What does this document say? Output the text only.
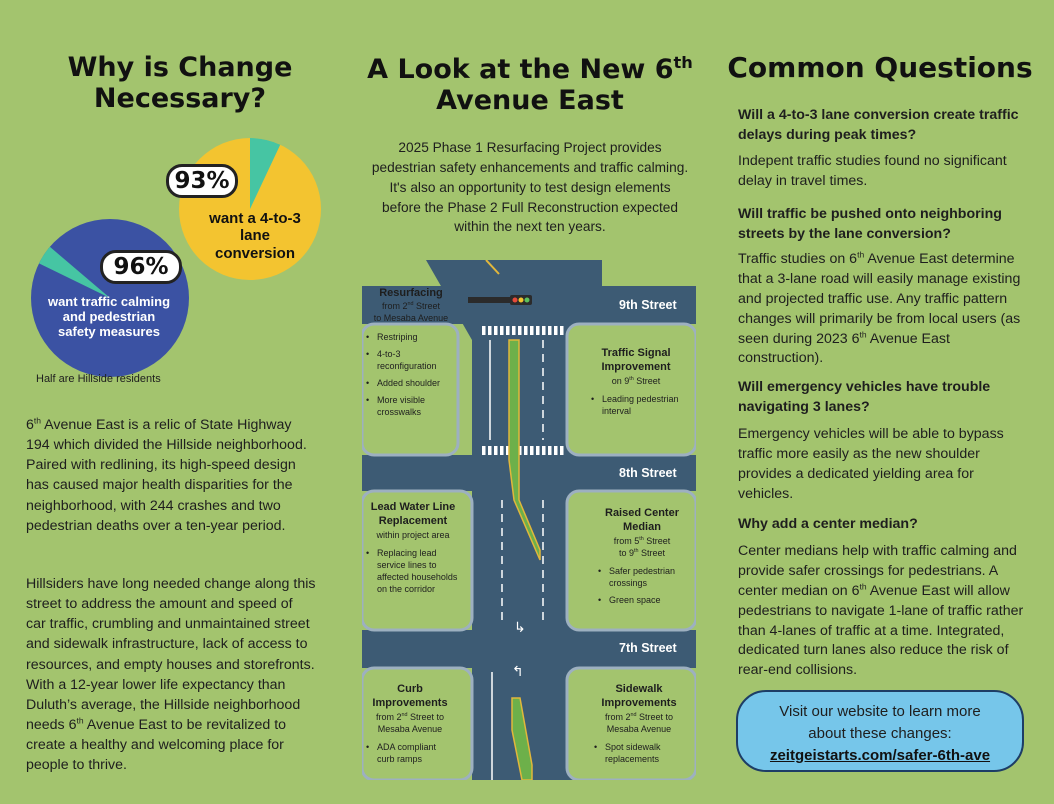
Why is Change
Necessary?
93%
want a 4-to-3
lane
conversion
96%
want traffic calming
and pedestrian
safety measures
Half are Hillside residents
6th Avenue East is a relic of State Highway 194 which divided the Hillside neighborhood. Paired with redlining, its high-speed design has caused major health disparities for the neighborhood, with 244 crashes and two pedestrian deaths over a ten-year period.
Hillsiders have long needed change along this street to address the amount and speed of car traffic, crumbling and unmaintained street and sidewalk infrastructure, lack of access to resources, and empty houses and storefronts. With a 12-year lower life expectancy than Duluth’s average, the Hillside neighborhood needs 6th Avenue East to be revitalized to create a healthy and welcoming place for people to thrive.
A Look at the New 6th
Avenue East
2025 Phase 1 Resurfacing Project provides pedestrian safety enhancements and traffic calming. It's also an opportunity to test design elements before the Phase 2 Full Reconstruction expected within the next ten years.
↳
↰
9th Street
8th Street
7th Street
Resurfacing
from 2nd Street
to Mesaba Avenue
• Restriping
• 4-to-3 reconfiguration
• Added shoulder
• More visible crosswalks
Traffic Signal
Improvement
on 9th Street
• Leading pedestrian interval
Lead Water Line
Replacement
within project area
• Replacing lead service lines to affected households on the corridor
Raised Center
Median
from 5th Street
to 9th Street
• Safer pedestrian crossings
• Green space
Curb
Improvements
from 2nd Street to
Mesaba Avenue
• ADA compliant curb ramps
Sidewalk
Improvements
from 2nd Street to
Mesaba Avenue
• Spot sidewalk replacements
Common Questions
Will a 4-to-3 lane conversion create traffic delays during peak times?
Indepent traffic studies found no significant delay in travel times.
Will traffic be pushed onto neighboring streets by the lane conversion?
Traffic studies on 6th Avenue East determine that a 3-lane road will easily manage existing and projected traffic use. Any traffic pattern changes will primarily be from local users (as seen during 2023 6th Avenue East construction).
Will emergency vehicles have trouble navigating 3 lanes?
Emergency vehicles will be able to bypass traffic more easily as the new shoulder provides a dedicated yielding area for vehicles.
Why add a center median?
Center medians help with traffic calming and provide safer crossings for pedestrians. A center median on 6th Avenue East will allow pedestrians to navigate 1-lane of traffic rather than 4-lanes of traffic at a time. Integrated, dedicated turn lanes also reduce the risk of rear-end collisions.
Visit our website to learn more
about these changes:
zeitgeistarts.com/safer-6th-ave
